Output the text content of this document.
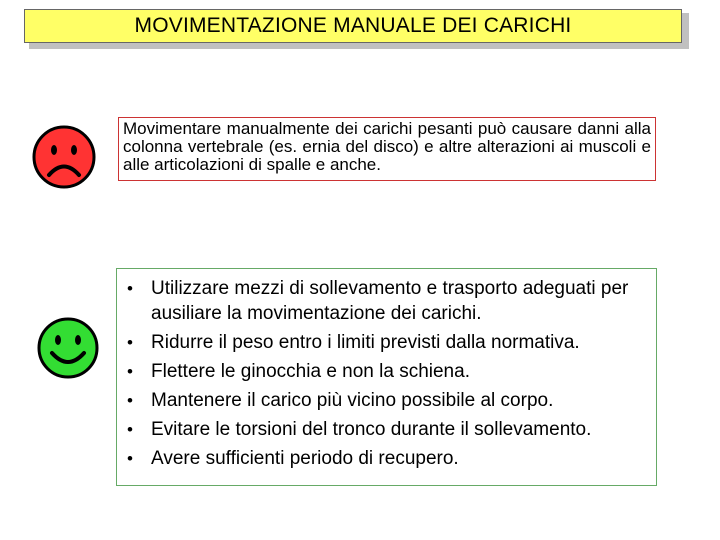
MOVIMENTAZIONE MANUALE DEI CARICHI

Movimentare manualmente dei carichi pesanti può causare danni alla colonna vertebrale (es. ernia del disco) e altre alterazioni ai muscoli e alle articolazioni di spalle e anche.

• Utilizzare mezzi di sollevamento e trasporto adeguati per ausiliare la movimentazione dei carichi.
• Ridurre il peso entro i limiti previsti dalla normativa.
• Flettere le ginocchia e non la schiena.
• Mantenere il carico più vicino possibile al corpo.
• Evitare le torsioni del tronco durante il sollevamento.
• Avere sufficienti periodo di recupero.
